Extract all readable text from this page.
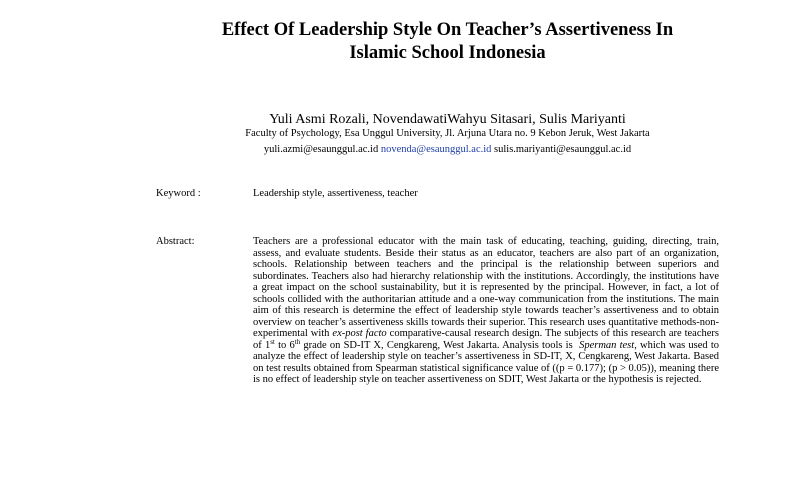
Effect Of Leadership Style On Teacher’s Assertiveness In
Islamic School Indonesia
Yuli Asmi Rozali, NovendawatiWahyu Sitasari, Sulis Mariyanti
Faculty of Psychology, Esa Unggul University, Jl. Arjuna Utara no. 9 Kebon Jeruk, West Jakarta
yuli.azmi@esaunggul.ac.id novenda@esaunggul.ac.id sulis.mariyanti@esaunggul.ac.id
Keyword :	Leadership style, assertiveness, teacher
Abstract:	Teachers are a professional educator with the main task of educating, teaching, guiding, directing, train, assess, and evaluate students. Beside their status as an educator, teachers are also part of an organization, schools. Relationship between teachers and the principal is the relationship between superiors and subordinates. Teachers also had hierarchy relationship with the institutions. Accordingly, the institutions have a great impact on the school sustainability, but it is represented by the principal. However, in fact, a lot of schools collided with the authoritarian attitude and a one-way communication from the institutions. The main aim of this research is determine the effect of leadership style towards teacher’s assertiveness and to obtain overview on teacher’s assertiveness skills towards their superior. This research uses quantitative methods-non-experimental with ex-post facto comparative-causal research design. The subjects of this research are teachers of 1st to 6th grade on SD-IT X, Cengkareng, West Jakarta. Analysis tools is Sperman test, which was used to analyze the effect of leadership style on teacher’s assertiveness in SD-IT, X, Cengkareng, West Jakarta. Based on test results obtained from Spearman statistical significance value of ((p = 0.177); (p > 0.05)), meaning there is no effect of leadership style on teacher assertiveness on SDIT, West Jakarta or the hypothesis is rejected.
